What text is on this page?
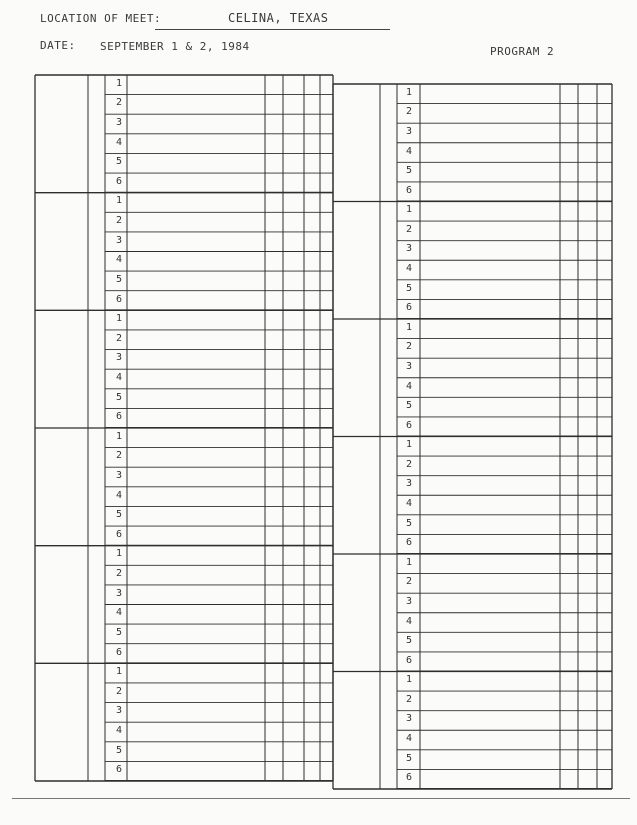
LOCATION OF MEET:	CELINA, TEXAS
DATE: SEPTEMBER 1 & 2, 1984	PROGRAM 2
1
2
3
4
5
6
1
2
3
4
5
6
1
2
3
4
5
6
1
2
3
4
5
6
1
2
3
4
5
6
1
2
3
4
5
6
1
2
3
4
5
6
1
2
3
4
5
6
1
2
3
4
5
6
1
2
3
4
5
6
1
2
3
4
5
6
1
2
3
4
5
6
